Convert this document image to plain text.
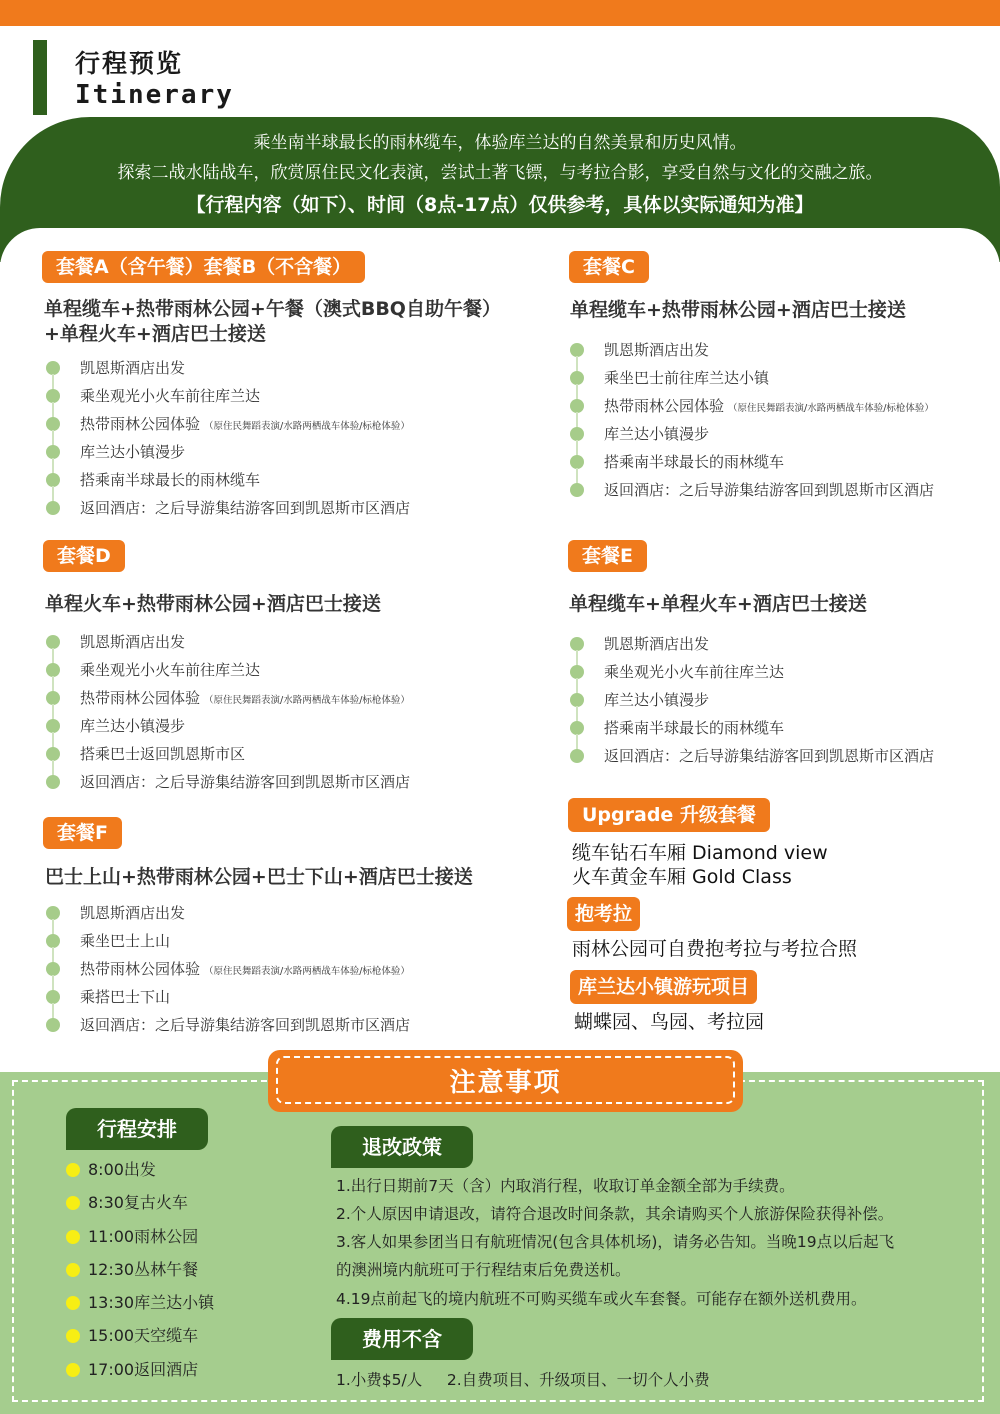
行程预览
Itinerary
乘坐南半球最长的雨林缆车，体验库兰达的自然美景和历史风情。
探索二战水陆战车，欣赏原住民文化表演，尝试土著飞镖，与考拉合影，享受自然与文化的交融之旅。
【行程内容（如下）、时间（8点-17点）仅供参考，具体以实际通知为准】
套餐A（含午餐）套餐B（不含餐）
单程缆车+热带雨林公园+午餐（澳式BBQ自助午餐）
+单程火车+酒店巴士接送
凯恩斯酒店出发
乘坐观光小火车前往库兰达
热带雨林公园体验 （原住民舞蹈表演/水路两栖战车体验/标枪体验）
库兰达小镇漫步
搭乘南半球最长的雨林缆车
返回酒店：之后导游集结游客回到凯恩斯市区酒店
套餐C
单程缆车+热带雨林公园+酒店巴士接送
凯恩斯酒店出发
乘坐巴士前往库兰达小镇
热带雨林公园体验 （原住民舞蹈表演/水路两栖战车体验/标枪体验）
库兰达小镇漫步
搭乘南半球最长的雨林缆车
返回酒店：之后导游集结游客回到凯恩斯市区酒店
套餐D
单程火车+热带雨林公园+酒店巴士接送
凯恩斯酒店出发
乘坐观光小火车前往库兰达
热带雨林公园体验 （原住民舞蹈表演/水路两栖战车体验/标枪体验）
库兰达小镇漫步
搭乘巴士返回凯恩斯市区
返回酒店：之后导游集结游客回到凯恩斯市区酒店
套餐E
单程缆车+单程火车+酒店巴士接送
凯恩斯酒店出发
乘坐观光小火车前往库兰达
库兰达小镇漫步
搭乘南半球最长的雨林缆车
返回酒店：之后导游集结游客回到凯恩斯市区酒店
套餐F
巴士上山+热带雨林公园+巴士下山+酒店巴士接送
凯恩斯酒店出发
乘坐巴士上山
热带雨林公园体验 （原住民舞蹈表演/水路两栖战车体验/标枪体验）
乘搭巴士下山
返回酒店：之后导游集结游客回到凯恩斯市区酒店
Upgrade 升级套餐
缆车钻石车厢 Diamond view
火车黄金车厢 Gold Class
抱考拉
雨林公园可自费抱考拉与考拉合照
库兰达小镇游玩项目
蝴蝶园、鸟园、考拉园
注意事项
行程安排
8:00出发
8:30复古火车
11:00雨林公园
12:30丛林午餐
13:30库兰达小镇
15:00天空缆车
17:00返回酒店
退改政策
1.出行日期前7天（含）内取消行程，收取订单金额全部为手续费。
2.个人原因申请退改，请符合退改时间条款，其余请购买个人旅游保险获得补偿。
3.客人如果参团当日有航班情况(包含具体机场)，请务必告知。当晚19点以后起飞
的澳洲境内航班可于行程结束后免费送机。
4.19点前起飞的境内航班不可购买缆车或火车套餐。可能存在额外送机费用。
费用不含
1.小费$5/人     2.自费项目、升级项目、一切个人小费
